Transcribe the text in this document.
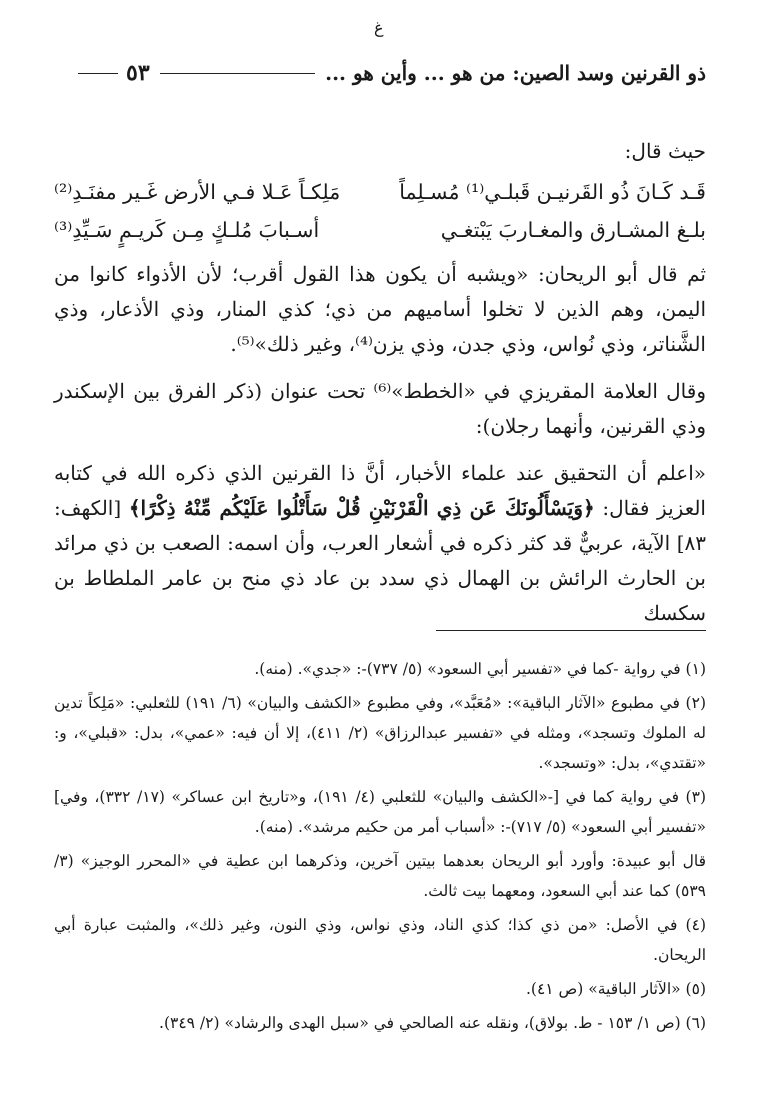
ﻍ
ذو القرنين وسد الصين: من هو ... وأين هو ...
٥٣

حيث قال:

قَـد كَـانَ ذُو القَرنيـن قَبلـي⁽¹⁾ مُسـلِماً
مَلِكـاً عَـلا فـي الأرض غَـير مفنَـدِ⁽²⁾
بلـغ المشـارق والمغـاربَ يَبْتغـي
أسـبابَ مُلـكٍ مِـن كَريـمٍ سَـيِّدِ⁽³⁾

ثم قال أبو الريحان: «ويشبه أن يكون هذا القول أقرب؛ لأن الأذواء كانوا من اليمن، وهم الذين لا تخلوا أساميهم من ذي؛ كذي المنار، وذي الأذعار، وذي الشَّناتر، وذي نُواس، وذي جدن، وذي يزن⁽⁴⁾، وغير ذلك»⁽⁵⁾.

وقال العلامة المقريزي في «الخطط»⁽⁶⁾ تحت عنوان (ذكر الفرق بين الإسكندر وذي القرنين، وأنهما رجلان):

«اعلم أن التحقيق عند علماء الأخبار، أنَّ ذا القرنين الذي ذكره الله في كتابه العزيز فقال: ﴿وَيَسْأَلُونَكَ عَن ذِي الْقَرْنَيْنِ قُلْ سَأَتْلُوا عَلَيْكُم مِّنْهُ ذِكْرًا﴾ [الكهف: ٨٣] الآية، عربيٌّ قد كثر ذكره في أشعار العرب، وأن اسمه: الصعب بن ذي مرائد بن الحارث الرائش بن الهمال ذي سدد بن عاد ذي منح بن عامر الملطاط بن سكسك

(١) في رواية -كما في «تفسير أبي السعود» (٥/ ٧٣٧)-: «جدي». (منه).

(٢) في مطبوع «الآثار الباقية»: «مُعَبَّد»، وفي مطبوع «الكشف والبيان» (٦/ ١٩١) للثعلبي: «مَلِكاً تدين له الملوك وتسجد»، ومثله في «تفسير عبدالرزاق» (٢/ ٤١١)، إلا أن فيه: «عمي»، بدل: «قبلي»، و: «تقتدي»، بدل: «وتسجد».

(٣) في رواية كما في [-«الكشف والبيان» للثعلبي (٤/ ١٩١)، و«تاريخ ابن عساكر» (١٧/ ٣٣٢)، وفي] «تفسير أبي السعود» (٥/ ٧١٧)-: «أسباب أمر من حكيم مرشد». (منه).

قال أبو عبيدة: وأورد أبو الريحان بعدهما بيتين آخرين، وذكرهما ابن عطية في «المحرر الوجيز» (٣/ ٥٣٩) كما عند أبي السعود، ومعهما بيت ثالث.

(٤) في الأصل: «من ذي كذا؛ كذي الناد، وذي نواس، وذي النون، وغير ذلك»، والمثبت عبارة أبي الريحان.

(٥) «الآثار الباقية» (ص ٤١).

(٦) (ص ١/ ١٥٣ - ط. بولاق)، ونقله عنه الصالحي في «سبل الهدى والرشاد» (٢/ ٣٤٩).
